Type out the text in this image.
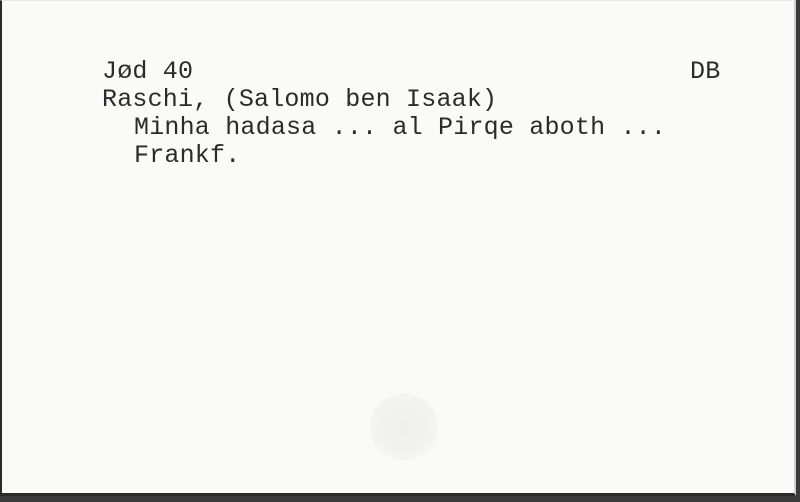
Jød 40	DB
Raschi, (Salomo ben Isaak)
Minha hadasa ... al Pirqe aboth ...
Frankf.
